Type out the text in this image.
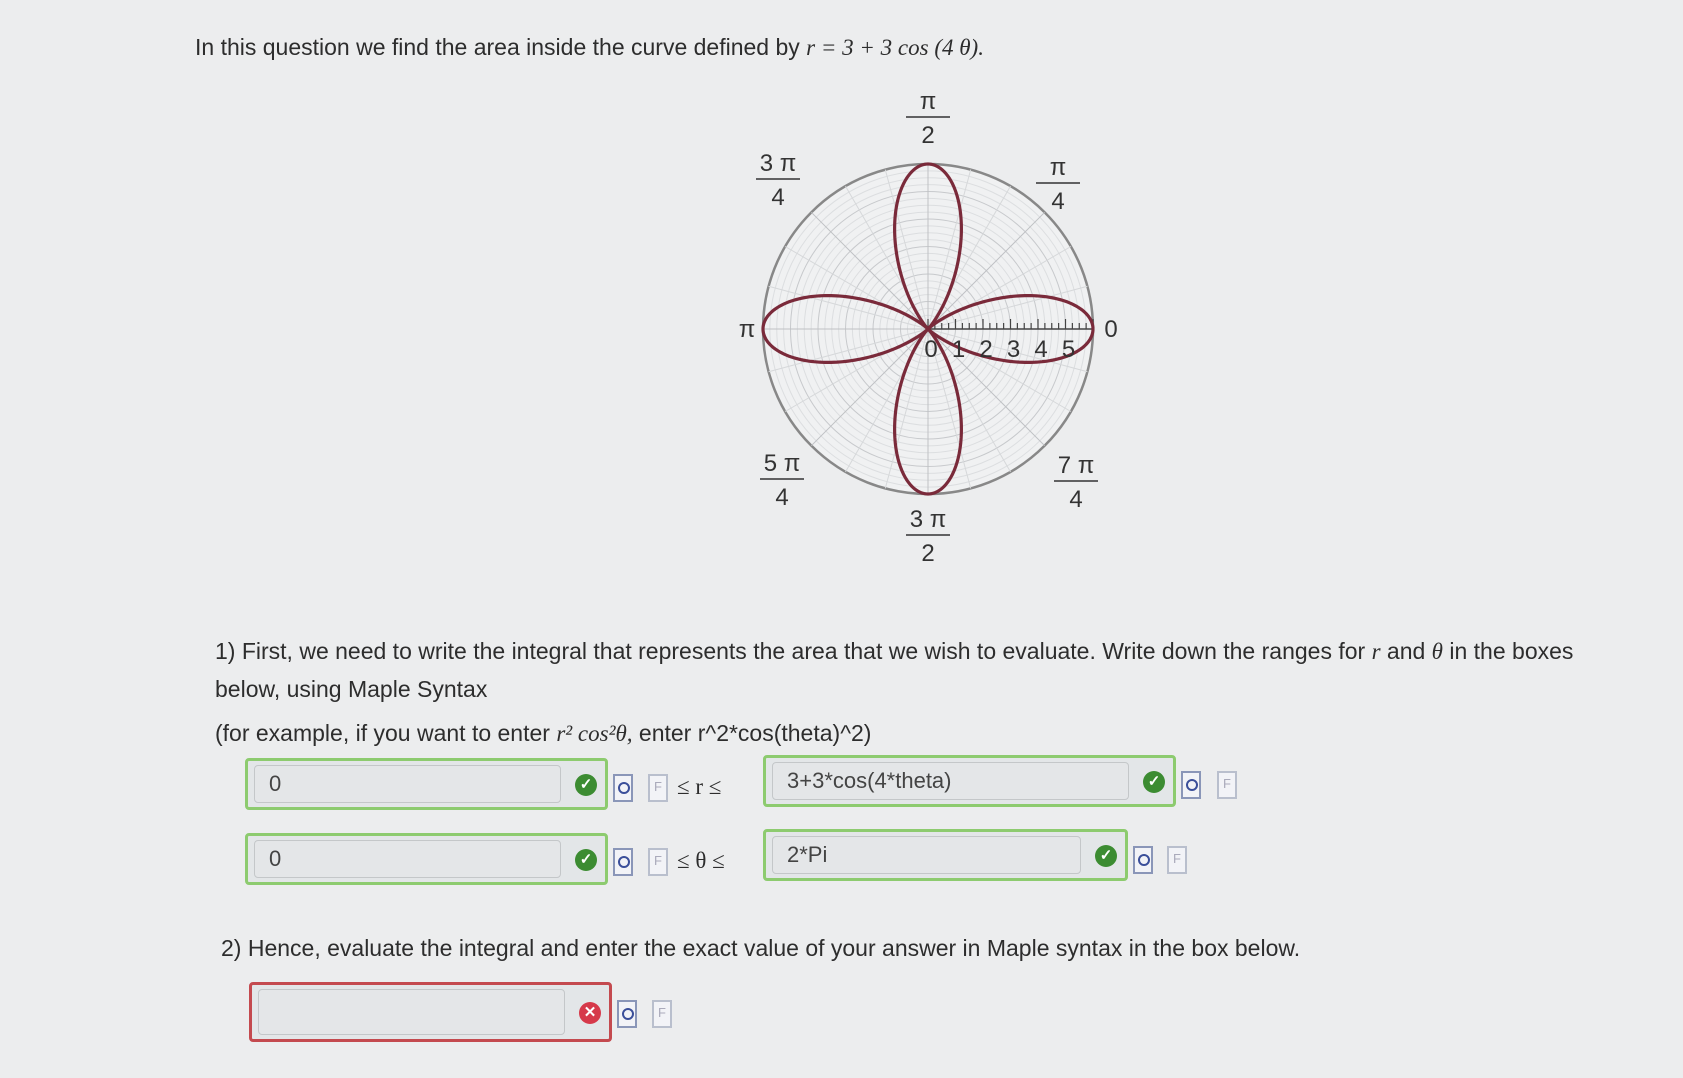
In this question we find the area inside the curve defined by r = 3 + 3 cos (4 θ).
0 1 2 3 4 5
0
π
4
π
2
3 π
4
π
5 π
4
3 π
2
7 π
4
1) First, we need to write the integral that represents the area that we wish to evaluate. Write down the ranges for r and θ in the boxes
below, using Maple Syntax
(for example, if you want to enter r² cos²θ, enter r^2*cos(theta)^2)
0	✓ F	≤ r ≤	3+3*cos(4*theta)	✓
F
0	✓ F	≤ θ ≤	2*Pi	✓
F
2) Hence, evaluate the integral and enter the exact value of your answer in Maple syntax in the box below.
✕
F
